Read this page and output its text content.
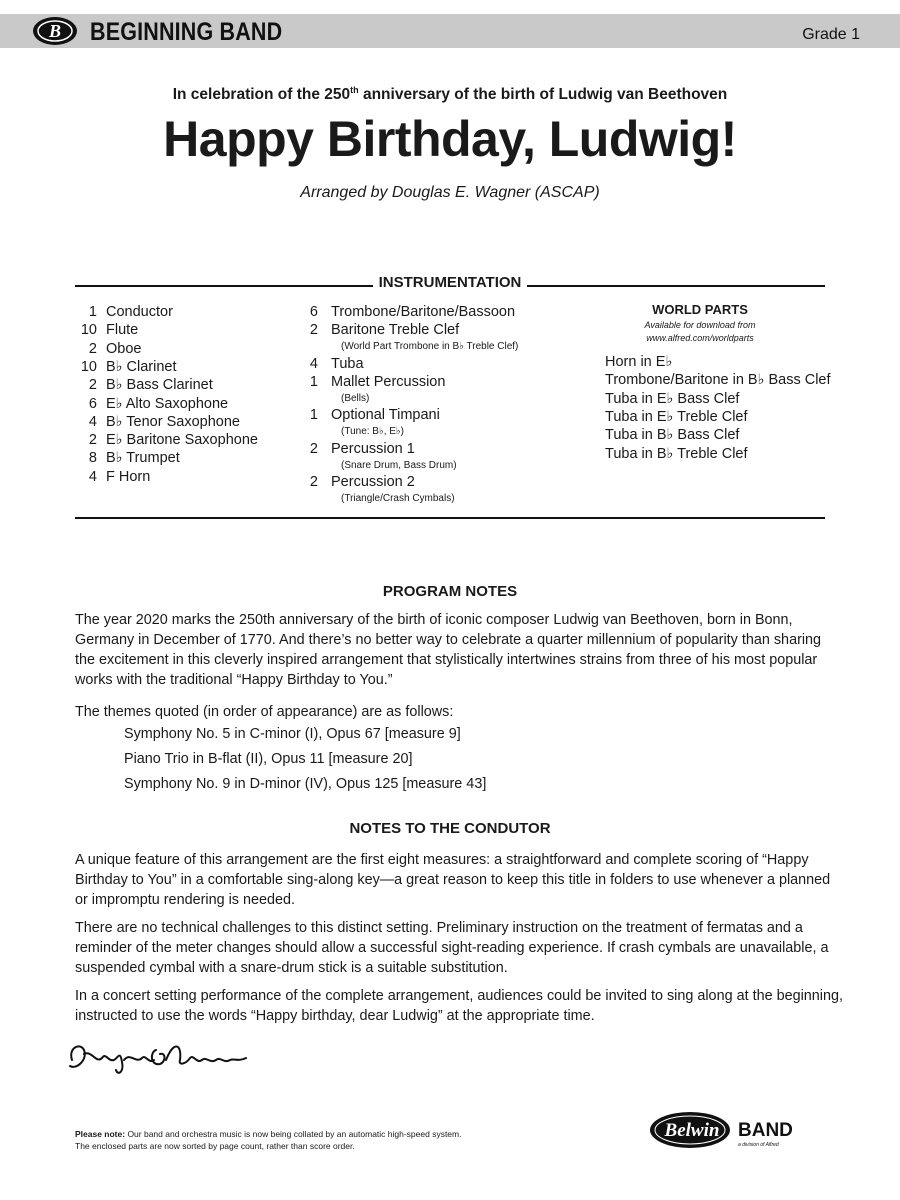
B BEGINNING BAND	Grade 1
In celebration of the 250th anniversary of the birth of Ludwig van Beethoven
Happy Birthday, Ludwig!
Arranged by Douglas E. Wagner (ASCAP)
INSTRUMENTATION
1 Conductor
10 Flute
2 Oboe
10 B♭ Clarinet
2 B♭ Bass Clarinet
6 E♭ Alto Saxophone
4 B♭ Tenor Saxophone
2 E♭ Baritone Saxophone
8 B♭ Trumpet
4 F Horn
6 Trombone/Baritone/Bassoon
2 Baritone Treble Clef
(World Part Trombone in B♭ Treble Clef)
4 Tuba
1 Mallet Percussion
(Bells)
1 Optional Timpani
(Tune: B♭, E♭)
2 Percussion 1
(Snare Drum, Bass Drum)
2 Percussion 2
(Triangle/Crash Cymbals)
WORLD PARTS
Available for download from
www.alfred.com/worldparts
Horn in E♭
Trombone/Baritone in B♭ Bass Clef
Tuba in E♭ Bass Clef
Tuba in E♭ Treble Clef
Tuba in B♭ Bass Clef
Tuba in B♭ Treble Clef
PROGRAM NOTES
The year 2020 marks the 250th anniversary of the birth of iconic composer Ludwig van Beethoven, born in Bonn, Germany in December of 1770. And there’s no better way to celebrate a quarter millennium of popularity than sharing the excitement in this cleverly inspired arrangement that stylistically intertwines strains from three of his most popular works with the traditional “Happy Birthday to You.”
The themes quoted (in order of appearance) are as follows:
Symphony No. 5 in C-minor (I), Opus 67 [measure 9]
Piano Trio in B-flat (II), Opus 11 [measure 20]
Symphony No. 9 in D-minor (IV), Opus 125 [measure 43]
NOTES TO THE CONDUTOR
A unique feature of this arrangement are the first eight measures: a straightforward and complete scoring of “Happy Birthday to You” in a comfortable sing-along key—a great reason to keep this title in folders to use whenever a planned or impromptu rendering is needed.
There are no technical challenges to this distinct setting. Preliminary instruction on the treatment of fermatas and a reminder of the meter changes should allow a successful sight-reading experience. If crash cymbals are unavailable, a suspended cymbal with a snare-drum stick is a suitable substitution.
In a concert setting performance of the complete arrangement, audiences could be invited to sing along at the beginning, instructed to use the words “Happy birthday, dear Ludwig” at the appropriate time.
Please note: Our band and orchestra music is now being collated by an automatic high-speed system.
The enclosed parts are now sorted by page count, rather than score order.
Belwin BAND
a division of Alfred
